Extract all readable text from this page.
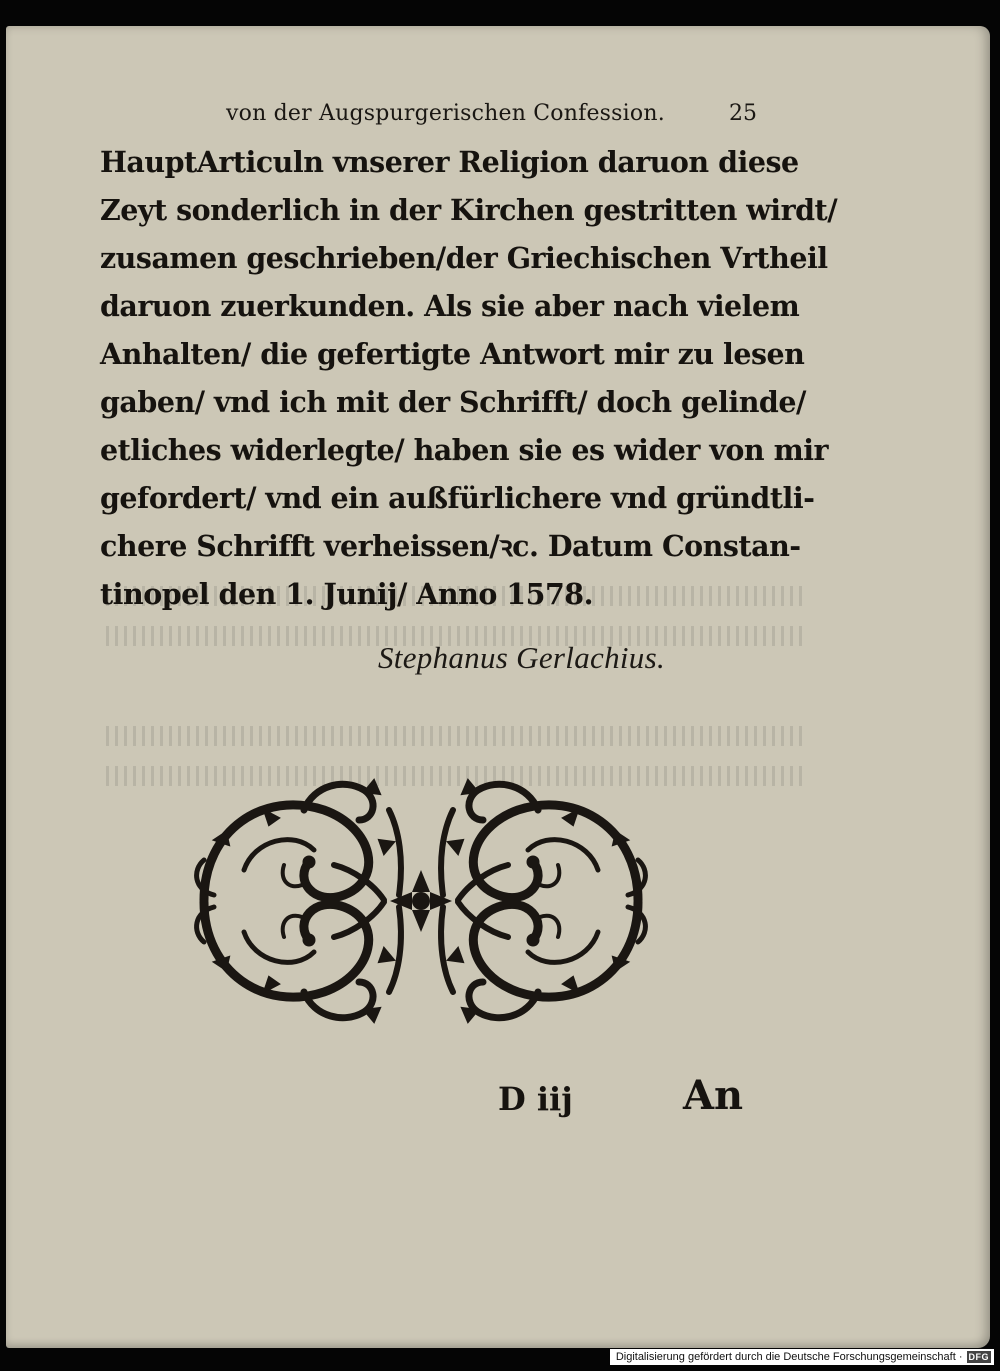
von der Augspurgerischen Confession.	25
HauptArticuln vnserer Religion daruon diese
Zeyt sonderlich in der Kirchen gestritten wirdt/
zusamen geschrieben/der Griechischen Vrtheil
daruon zuerkunden. Als sie aber nach vielem
Anhalten/ die gefertigte Antwort mir zu lesen
gaben/ vnd ich mit der Schrifft/ doch gelinde/
etliches widerlegte/ haben sie es wider von mir
gefordert/ vnd ein außfürlichere vnd gründtli-
chere Schrifft verheissen/ꝛc. Datum Constan-
tinopel den 1. Junij/ Anno 1578.
Stephanus Gerlachius.
D iij	An
Digitalisierung gefördert durch die Deutsche Forschungsgemeinschaft · DFG
